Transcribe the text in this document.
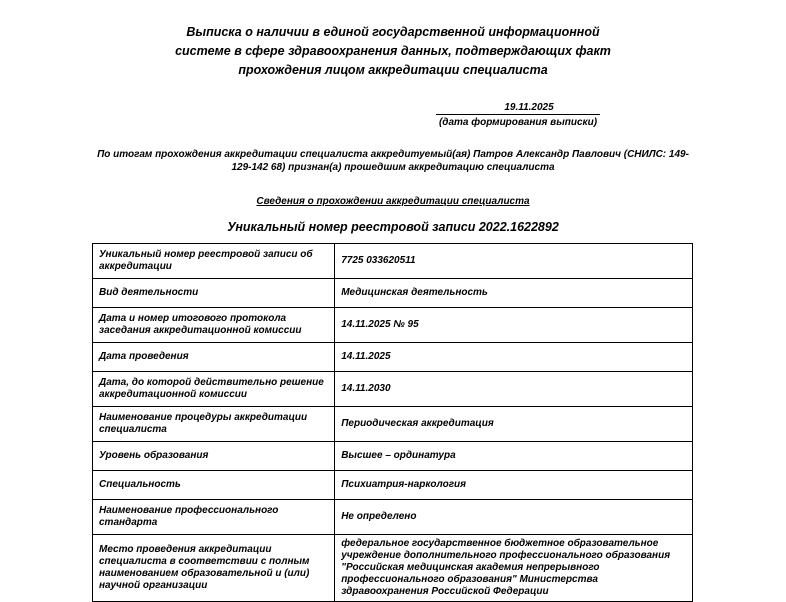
Выписка о наличии в единой государственной информационной
системе в сфере здравоохранения данных, подтверждающих факт
прохождения лицом аккредитации специалиста
19.11.2025
(дата формирования выписки)
По итогам прохождения аккредитации специалиста аккредитуемый(ая) Патров Александр Павлович (СНИЛС: 149-
129-142 68) признан(а) прошедшим аккредитацию специалиста
Сведения о прохождении аккредитации специалиста
Уникальный номер реестровой записи 2022.1622892
Уникальный номер реестровой записи об аккредитации	7725 033620511
Вид деятельности	Медицинская деятельность
Дата и номер итогового протокола заседания аккредитационной комиссии	14.11.2025 № 95
Дата проведения	14.11.2025
Дата, до которой действительно решение аккредитационной комиссии	14.11.2030
Наименование процедуры аккредитации специалиста	Периодическая аккредитация
Уровень образования	Высшее – ординатура
Специальность	Психиатрия-наркология
Наименование профессионального стандарта	Не определено
Место проведения аккредитации специалиста в соответствии с полным наименованием образовательной и (или) научной организации	федеральное государственное бюджетное образовательное учреждение дополнительного профессионального образования "Российская медицинская академия непрерывного профессионального образования" Министерства здравоохранения Российской Федерации
